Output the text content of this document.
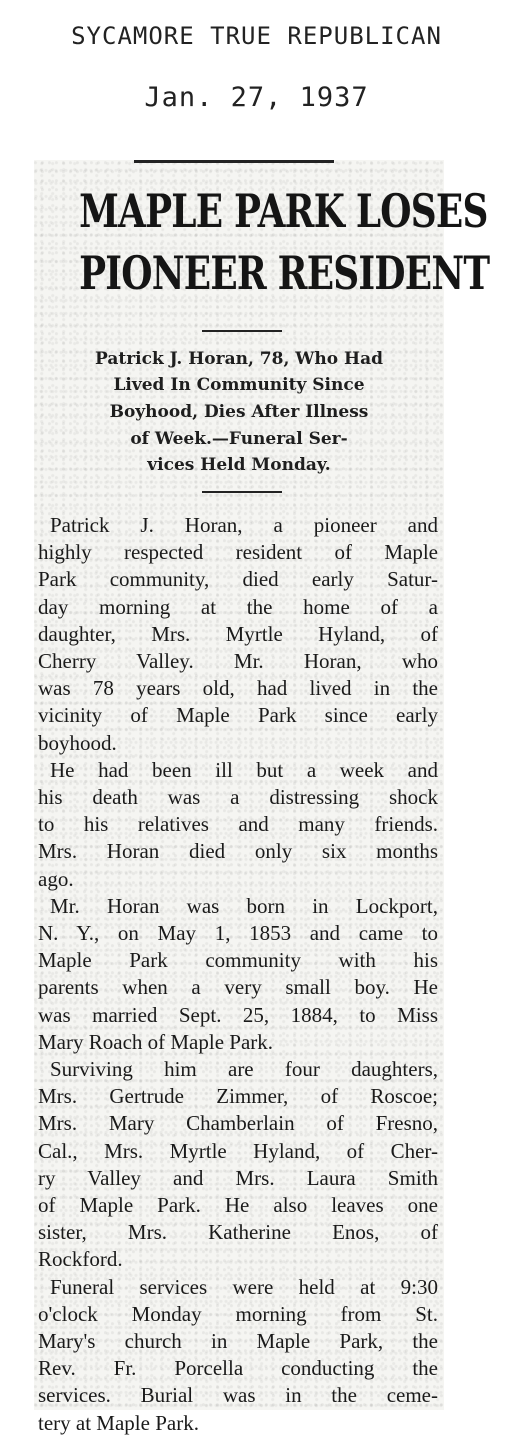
SYCAMORE TRUE REPUBLICAN
Jan. 27, 1937
MAPLE PARK LOSES
PIONEER RESIDENT
Patrick J. Horan, 78, Who Had
Lived In Community Since
Boyhood, Dies After Illness
of Week.—Funeral Ser-
vices Held Monday.
Patrick J. Horan, a pioneer and
highly respected resident of Maple
Park community, died early Satur-
day morning at the home of a
daughter, Mrs. Myrtle Hyland, of
Cherry Valley. Mr. Horan, who
was 78 years old, had lived in the
vicinity of Maple Park since early
boyhood.
He had been ill but a week and
his death was a distressing shock
to his relatives and many friends.
Mrs. Horan died only six months
ago.
Mr. Horan was born in Lockport,
N. Y., on May 1, 1853 and came to
Maple Park community with his
parents when a very small boy. He
was married Sept. 25, 1884, to Miss
Mary Roach of Maple Park.
Surviving him are four daughters,
Mrs. Gertrude Zimmer, of Roscoe;
Mrs. Mary Chamberlain of Fresno,
Cal., Mrs. Myrtle Hyland, of Cher-
ry Valley and Mrs. Laura Smith
of Maple Park. He also leaves one
sister, Mrs. Katherine Enos, of
Rockford.
Funeral services were held at 9:30
o'clock Monday morning from St.
Mary's church in Maple Park, the
Rev. Fr. Porcella conducting the
services. Burial was in the ceme-
tery at Maple Park.
